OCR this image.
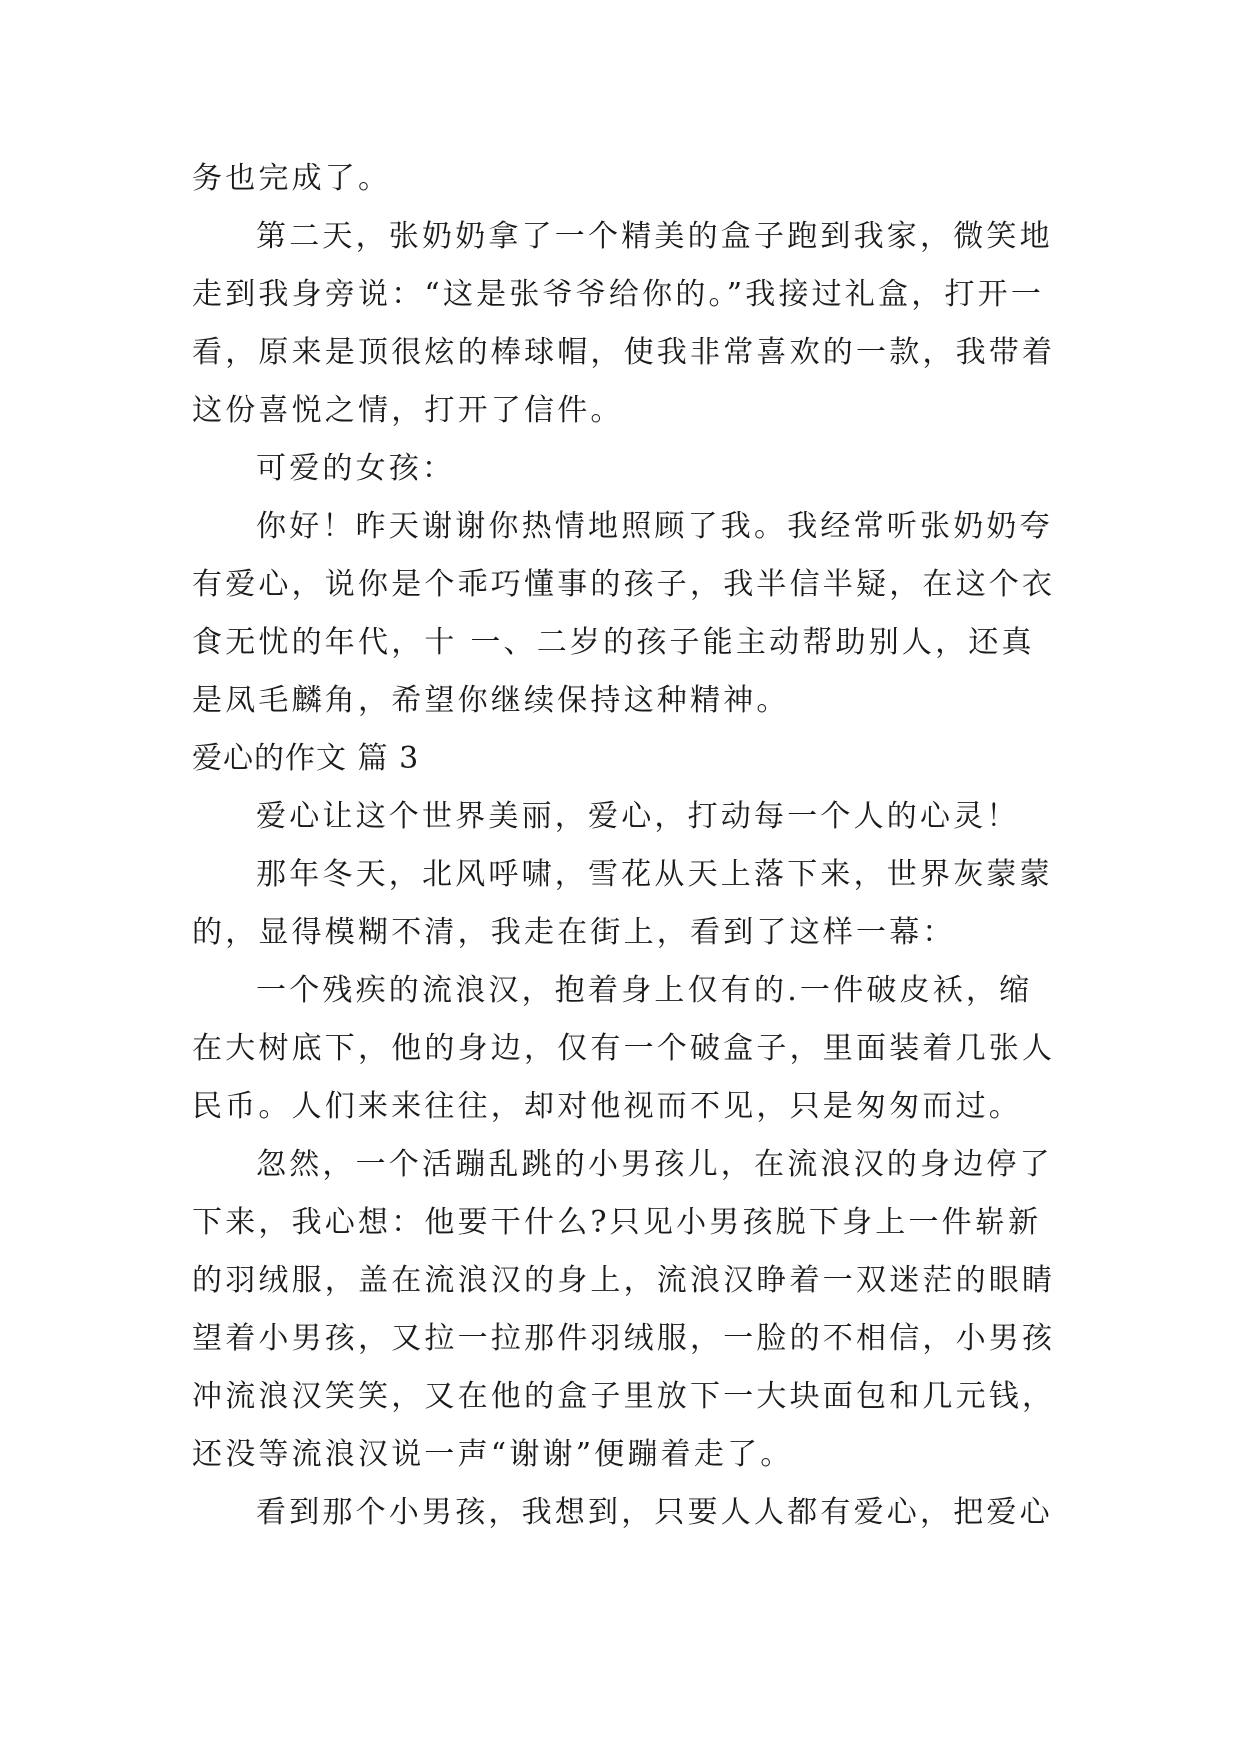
务也完成了。
第二天，张奶奶拿了一个精美的盒子跑到我家，微笑地
走到我身旁说：“这是张爷爷给你的。”我接过礼盒，打开一
看，原来是顶很炫的棒球帽，使我非常喜欢的一款，我带着
这份喜悦之情，打开了信件。
可爱的女孩：
你好！昨天谢谢你热情地照顾了我。我经常听张奶奶夸
有爱心，说你是个乖巧懂事的孩子，我半信半疑，在这个衣
食无忧的年代，十 一、二岁的孩子能主动帮助别人，还真
是凤毛麟角，希望你继续保持这种精神。
爱心的作文 篇 3
爱心让这个世界美丽，爱心，打动每一个人的心灵！
那年冬天，北风呼啸，雪花从天上落下来，世界灰蒙蒙
的，显得模糊不清，我走在街上，看到了这样一幕：
一个残疾的流浪汉，抱着身上仅有的.一件破皮袄，缩
在大树底下，他的身边，仅有一个破盒子，里面装着几张人
民币。人们来来往往，却对他视而不见，只是匆匆而过。
忽然，一个活蹦乱跳的小男孩儿，在流浪汉的身边停了
下来，我心想：他要干什么?只见小男孩脱下身上一件崭新
的羽绒服，盖在流浪汉的身上，流浪汉睁着一双迷茫的眼睛
望着小男孩，又拉一拉那件羽绒服，一脸的不相信，小男孩
冲流浪汉笑笑，又在他的盒子里放下一大块面包和几元钱，
还没等流浪汉说一声“谢谢”便蹦着走了。
看到那个小男孩，我想到，只要人人都有爱心，把爱心
